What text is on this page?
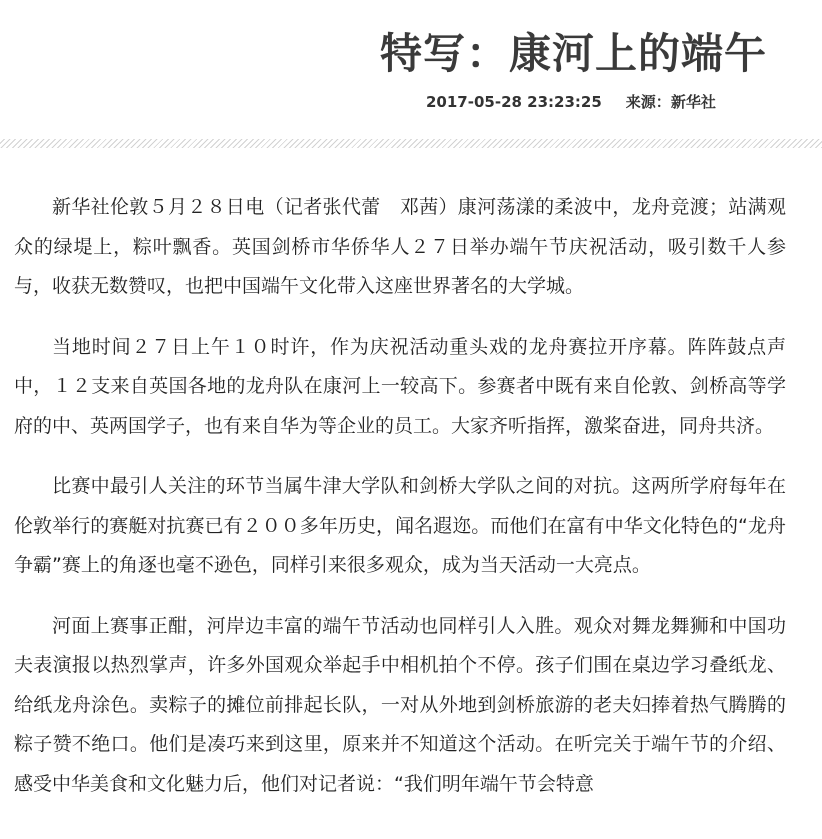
特写：康河上的端午
2017-05-28 23:23:25 来源：新华社

新华社伦敦５月２８日电（记者张代蕾　邓茜）康河荡漾的柔波中，龙舟竞渡；站满观众的绿堤上，粽叶飘香。英国剑桥市华侨华人２７日举办端午节庆祝活动，吸引数千人参与，收获无数赞叹，也把中国端午文化带入这座世界著名的大学城。

当地时间２７日上午１０时许，作为庆祝活动重头戏的龙舟赛拉开序幕。阵阵鼓点声中，１２支来自英国各地的龙舟队在康河上一较高下。参赛者中既有来自伦敦、剑桥高等学府的中、英两国学子，也有来自华为等企业的员工。大家齐听指挥，激桨奋进，同舟共济。

比赛中最引人关注的环节当属牛津大学队和剑桥大学队之间的对抗。这两所学府每年在伦敦举行的赛艇对抗赛已有２００多年历史，闻名遐迩。而他们在富有中华文化特色的“龙舟争霸”赛上的角逐也毫不逊色，同样引来很多观众，成为当天活动一大亮点。

河面上赛事正酣，河岸边丰富的端午节活动也同样引人入胜。观众对舞龙舞狮和中国功夫表演报以热烈掌声，许多外国观众举起手中相机拍个不停。孩子们围在桌边学习叠纸龙、给纸龙舟涂色。卖粽子的摊位前排起长队，一对从外地到剑桥旅游的老夫妇捧着热气腾腾的粽子赞不绝口。他们是凑巧来到这里，原来并不知道这个活动。在听完关于端午节的介绍、感受中华美食和文化魅力后，他们对记者说：“我们明年端午节会特意
